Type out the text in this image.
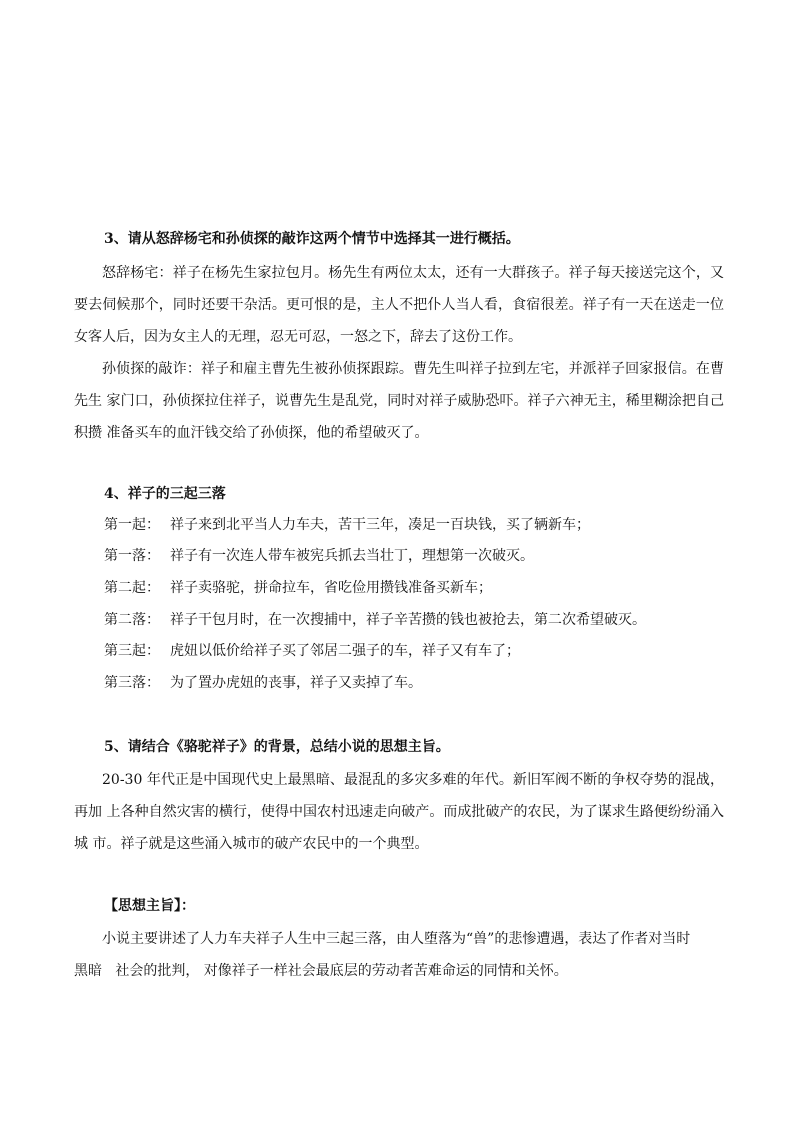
3、请从怒辞杨宅和孙侦探的敲诈这两个情节中选择其一进行概括。
怒辞杨宅：祥子在杨先生家拉包月。杨先生有两位太太，还有一大群孩子。祥子每天接送完这个，又要去伺候那个，同时还要干杂活。更可恨的是，主人不把仆人当人看，食宿很差。祥子有一天在送走一位 女客人后，因为女主人的无理，忍无可忍，一怒之下，辞去了这份工作。
孙侦探的敲诈：祥子和雇主曹先生被孙侦探跟踪。曹先生叫祥子拉到左宅，并派祥子回家报信。在曹先生 家门口，孙侦探拉住祥子，说曹先生是乱党，同时对祥子威胁恐吓。祥子六神无主，稀里糊涂把自己积攒 准备买车的血汗钱交给了孙侦探，他的希望破灭了。
4、祥子的三起三落
第一起： 祥子来到北平当人力车夫，苦干三年，凑足一百块钱，买了辆新车；
第一落： 祥子有一次连人带车被宪兵抓去当壮丁，理想第一次破灭。
第二起： 祥子卖骆驼，拼命拉车，省吃俭用攒钱准备买新车；
第二落： 祥子干包月时，在一次搜捕中，祥子辛苦攒的钱也被抢去，第二次希望破灭。
第三起： 虎妞以低价给祥子买了邻居二强子的车，祥子又有车了；
第三落： 为了置办虎妞的丧事，祥子又卖掉了车。
5、请结合《骆驼祥子》的背景，总结小说的思想主旨。
20-30 年代正是中国现代史上最黑暗、最混乱的多灾多难的年代。新旧军阀不断的争权夺势的混战，再加 上各种自然灾害的横行，使得中国农村迅速走向破产。而成批破产的农民，为了谋求生路便纷纷涌入城 市。祥子就是这些涌入城市的破产农民中的一个典型。
【思想主旨】：
小说主要讲述了人力车夫祥子人生中三起三落，由人堕落为“兽”的悲惨遭遇，表达了作者对当时
黑暗   社会的批判， 对像祥子一样社会最底层的劳动者苦难命运的同情和关怀。
